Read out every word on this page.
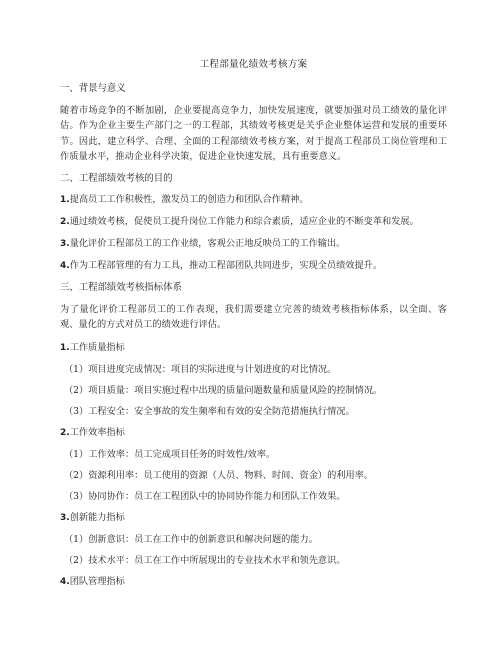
工程部量化绩效考核方案
一、背景与意义
随着市场竞争的不断加剧，企业要提高竞争力，加快发展速度，就要加强对员工绩效的量化评估。作为企业主要生产部门之一的工程部，其绩效考核更是关乎企业整体运营和发展的重要环节。因此，建立科学、合理、全面的工程部绩效考核方案，对于提高工程部员工岗位管理和工作质量水平，推动企业科学决策，促进企业快速发展，具有重要意义。
二、工程部绩效考核的目的
1.提高员工工作积极性，激发员工的创造力和团队合作精神。
2.通过绩效考核，促使员工提升岗位工作能力和综合素质，适应企业的不断变革和发展。
3.量化评价工程部员工的工作业绩，客观公正地反映员工的工作输出。
4.作为工程部管理的有力工具，推动工程部团队共同进步，实现全员绩效提升。
三、工程部绩效考核指标体系
为了量化评价工程部员工的工作表现，我们需要建立完善的绩效考核指标体系，以全面、客观、量化的方式对员工的绩效进行评估。
1.工作质量指标
（1）项目进度完成情况：项目的实际进度与计划进度的对比情况。
（2）项目质量：项目实施过程中出现的质量问题数量和质量风险的控制情况。
（3）工程安全：安全事故的发生频率和有效的安全防范措施执行情况。
2.工作效率指标
（1）工作效率：员工完成项目任务的时效性/效率。
（2）资源利用率：员工使用的资源（人员、物料、时间、资金）的利用率。
（3）协同协作：员工在工程团队中的协同协作能力和团队工作效果。
3.创新能力指标
（1）创新意识：员工在工作中的创新意识和解决问题的能力。
（2）技术水平：员工在工作中所展现出的专业技术水平和领先意识。
4.团队管理指标
